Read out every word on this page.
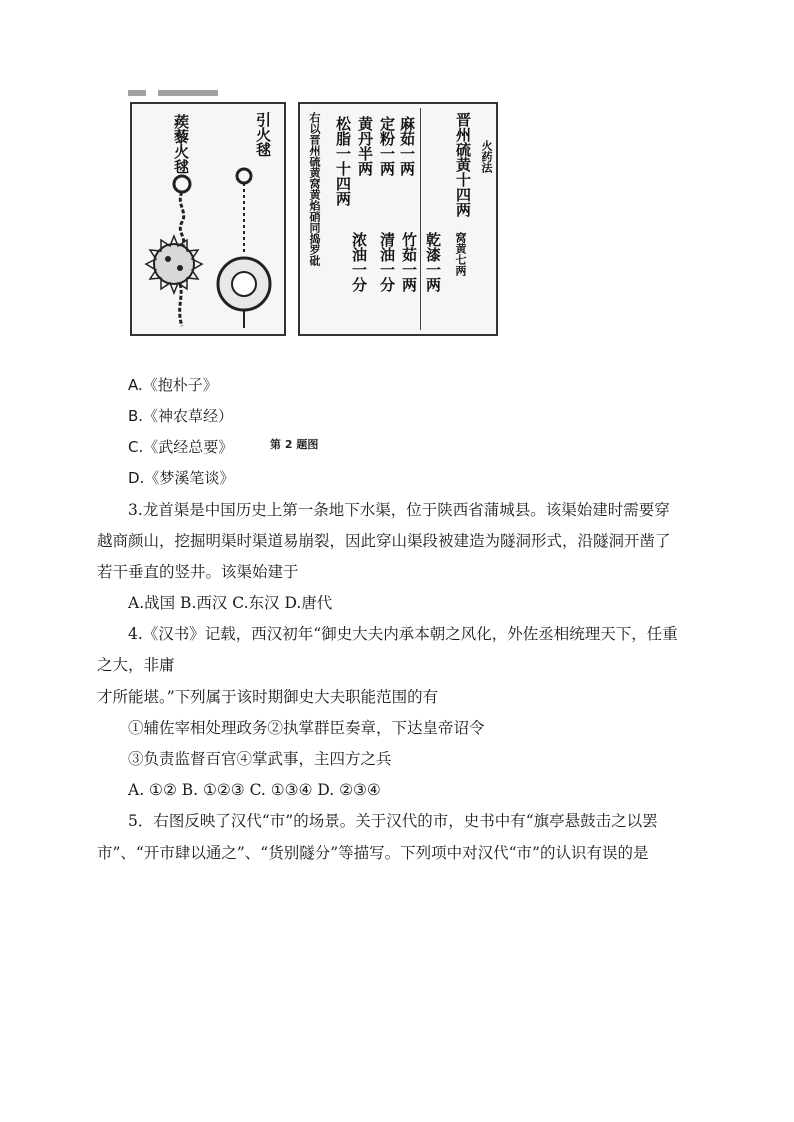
蒺藜火毬	引火毬	火药法
晋州硫黄十四两
窝黄七两
麻茹一两
乾漆一两
定粉一两
竹茹一两
黄丹半两
清油一分
松脂一十四两
浓油一分
右以晋州硫黄窝黄焰硝同捣罗砒
第 2 题图
A.《抱朴子》
B.《神农草经）
C.《武经总要》
D.《梦溪笔谈》
3.龙首渠是中国历史上第一条地下水渠，位于陕西省蒲城县。该渠始建时需要穿
越商颜山，挖掘明渠时渠道易崩裂，因此穿山渠段被建造为隧洞形式，沿隧洞开凿了
若干垂直的竖井。该渠始建于
A.战国 B.西汉 C.东汉 D.唐代
4.《汉书》记载，西汉初年“御史大夫内承本朝之风化，外佐丞相统理天下，任重
之大，非庸
才所能堪。”下列属于该时期御史大夫职能范围的有
①辅佐宰相处理政务②执掌群臣奏章，下达皇帝诏令
③负责监督百官④掌武事，主四方之兵
A. ①② B. ①②③ C. ①③④ D. ②③④
5．右图反映了汉代“市”的场景。关于汉代的市，史书中有“旗亭悬鼓击之以罢
市”、“开市肆以通之”、“货别隧分”等描写。下列项中对汉代“市”的认识有误的是
